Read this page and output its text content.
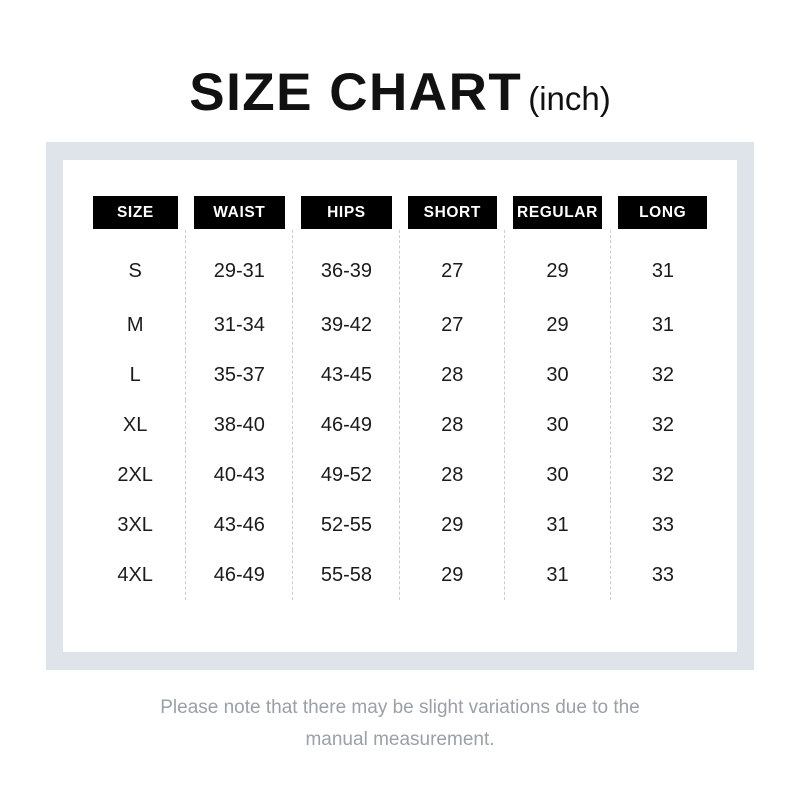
SIZE CHART (inch)
SIZE	WAIST	HIPS	SHORT	REGULAR	LONG

S	29-31	36-39	27	29	31
M	31-34	39-42	27	29	31
L	35-37	43-45	28	30	32
XL	38-40	46-49	28	30	32
2XL	40-43	49-52	28	30	32
3XL	43-46	52-55	29	31	33
4XL	46-49	55-58	29	31	33
Please note that there may be slight variations due to the
manual measurement.
